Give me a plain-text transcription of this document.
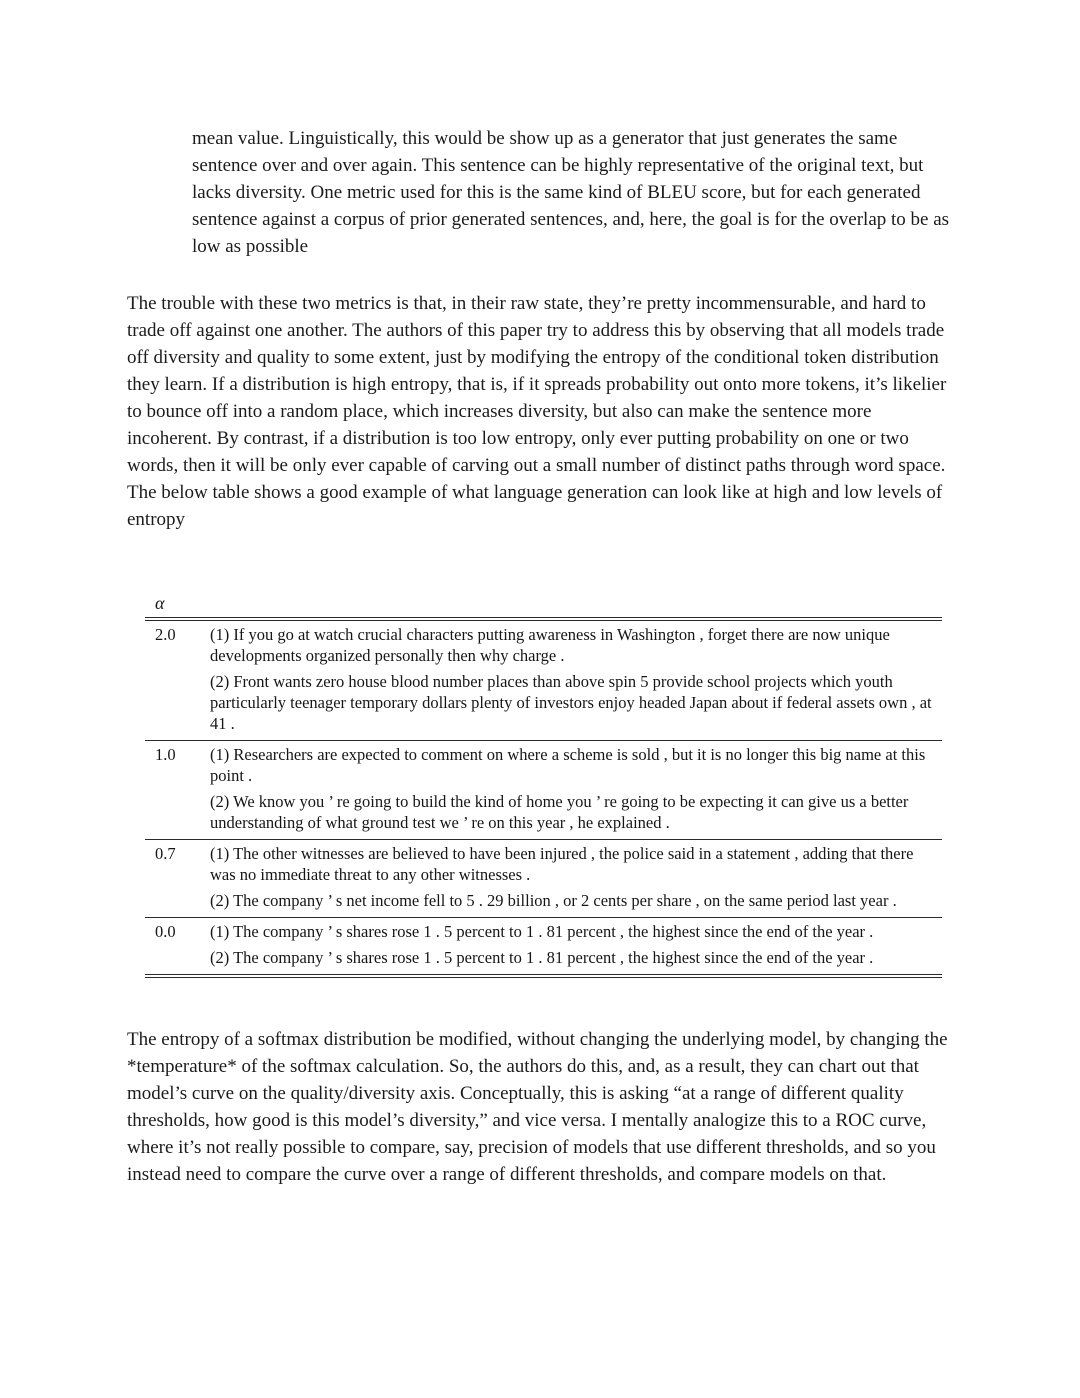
mean value. Linguistically, this would be show up as a generator that just generates the same sentence over and over again. This sentence can be highly representative of the original text, but lacks diversity. One metric used for this is the same kind of BLEU score, but for each generated sentence against a corpus of prior generated sentences, and, here, the goal is for the overlap to be as low as possible

The trouble with these two metrics is that, in their raw state, they’re pretty incommensurable, and hard to trade off against one another. The authors of this paper try to address this by observing that all models trade off diversity and quality to some extent, just by modifying the entropy of the conditional token distribution they learn. If a distribution is high entropy, that is, if it spreads probability out onto more tokens, it’s likelier to bounce off into a random place, which increases diversity, but also can make the sentence more incoherent. By contrast, if a distribution is too low entropy, only ever putting probability on one or two words, then it will be only ever capable of carving out a small number of distinct paths through word space. The below table shows a good example of what language generation can look like at high and low levels of entropy

α	
2.0	(1) If you go at watch crucial characters putting awareness in Washington , forget there are now unique developments organized personally then why charge .

(2) Front wants zero house blood number places than above spin 5 provide school projects which youth particularly teenager temporary dollars plenty of investors enjoy headed Japan about if federal assets own , at 41 .

1.0	(1) Researchers are expected to comment on where a scheme is sold , but it is no longer this big name at this point .

(2) We know you ’ re going to build the kind of home you ’ re going to be expecting it can give us a better understanding of what ground test we ’ re on this year , he explained .

0.7	(1) The other witnesses are believed to have been injured , the police said in a statement , adding that there was no immediate threat to any other witnesses .

(2) The company ’ s net income fell to 5 . 29 billion , or 2 cents per share , on the same period last year .

0.0	(1) The company ’ s shares rose 1 . 5 percent to 1 . 81 percent , the highest since the end of the year .

(2) The company ’ s shares rose 1 . 5 percent to 1 . 81 percent , the highest since the end of the year .

The entropy of a softmax distribution be modified, without changing the underlying model, by changing the *temperature* of the softmax calculation. So, the authors do this, and, as a result, they can chart out that model’s curve on the quality/diversity axis. Conceptually, this is asking “at a range of different quality thresholds, how good is this model’s diversity,” and vice versa. I mentally analogize this to a ROC curve, where it’s not really possible to compare, say, precision of models that use different thresholds, and so you instead need to compare the curve over a range of different thresholds, and compare models on that.
